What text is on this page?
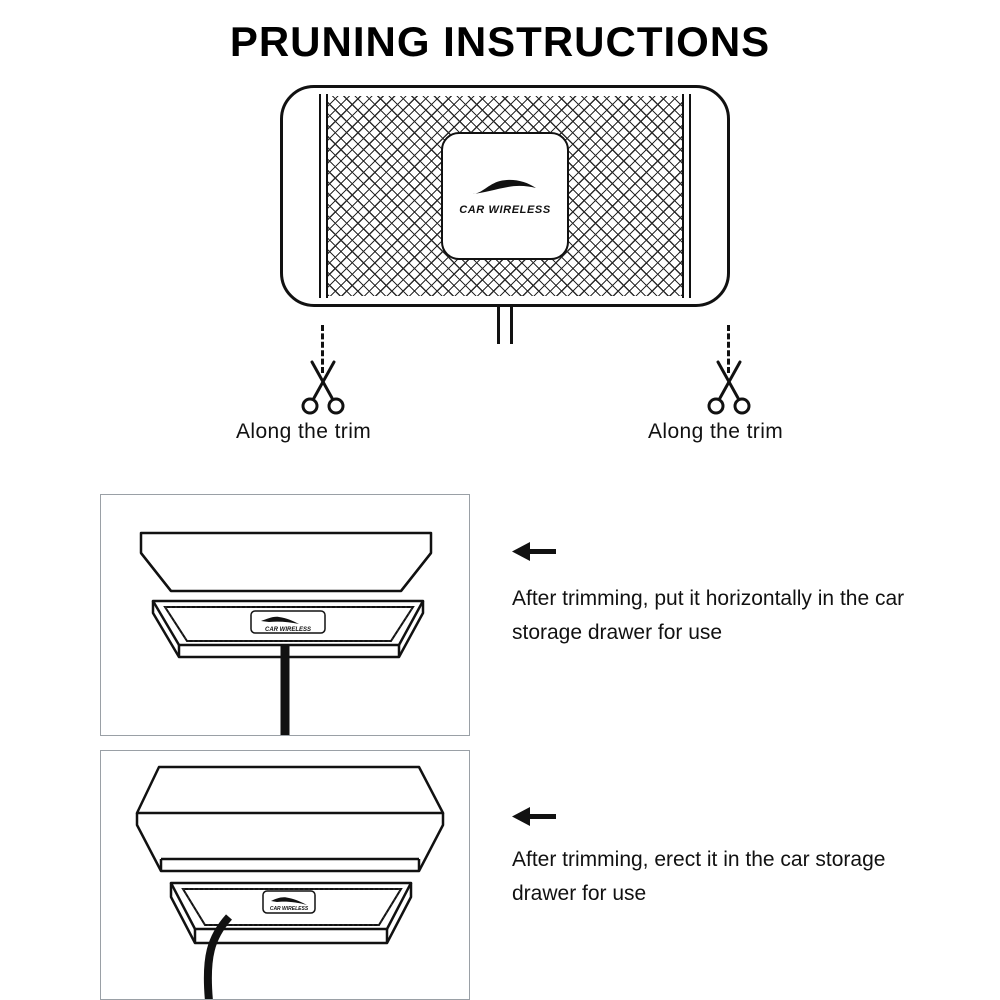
PRUNING INSTRUCTIONS
CAR WIRELESS
Along the trim	Along the trim
CAR WIRELESS
After trimming, put it horizontally in the car storage drawer for use
CAR WIRELESS
After trimming, erect it in the car storage drawer for use
